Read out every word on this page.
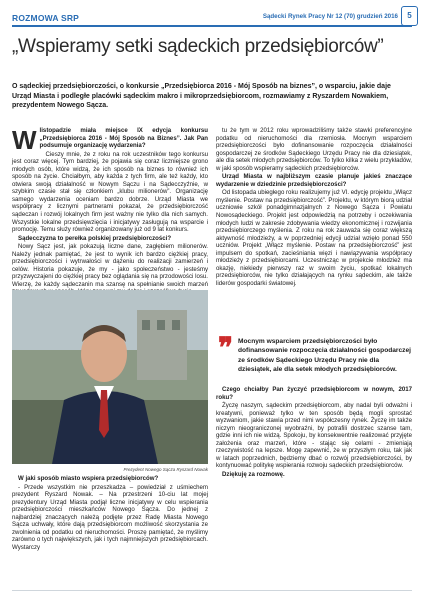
ROZMOWA SRP	Sądecki Rynek Pracy Nr 12 (70) grudzień 2016	5
„Wspieramy setki sądeckich przedsiębiorców”
O sądeckiej przedsiębiorczości, o konkursie „Przedsiębiorca 2016 - Mój Sposób na biznes”, o wsparciu, jakie daje Urząd Miasta i podległe placówki sądeckim makro i mikroprzedsiębiorcom, rozmawiamy z Ryszardem Nowakiem, prezydentem Nowego Sącza.

Wlistopadzie miała miejsce IX edycja konkursu „Przedsiębiorca 2016 - Mój Sposób na Biznes”. Jak Pan podsumuje organizację wydarzenia?

Cieszy mnie, że z roku na rok uczestników tego konkursu jest coraz więcej. Tym bardziej, że pojawia się coraz liczniejsze grono młodych osób, które widzą, że ich sposób na biznes to również ich sposób na życie. Chciałbym, aby każda z tych firm, ale też każdy, kto otwiera swoją działalność w Nowym Sączu i na Sądecczyźnie, w szybkim czasie stał się członkiem „klubu milionerów”. Organizację samego wydarzenia oceniam bardzo dobrze. Urząd Miasta we współpracy z licznymi partnerami pokazał, że przedsiębiorczość sądeczan i rozwój lokalnych firm jest ważny nie tylko dla nich samych. Wszystkie lokalne przedsięwzięcia i inicjatywy zasługują na wsparcie i promocję. Temu służy również organizowany już od 9 lat konkurs.

Sądecczyzna to perełka polskiej przedsiębiorczości?

Nowy Sącz jest, jak pokazują liczne dane, zagłębiem milionerów. Należy jednak pamiętać, że jest to wynik ich bardzo ciężkiej pracy, przedsiębiorczości i wytrwałości w dążeniu do realizacji zamierzeń i celów. Historia pokazuje, że my - jako społeczeństwo - jesteśmy przyzwyczajeni do ciężkiej pracy bez oglądania się na przodowości losu. Wierzę, że każdy sądeczanin ma szansę na spełnianie swoich marzeń

Prezydent Nowego Sącza Ryszard Nowak

W jaki sposób miasto wspiera przedsiębiorców?

- Przede wszystkim nie przeszkadza – powiedział z uśmiechem prezydent Ryszard Nowak. – Na przestrzeni 10-ciu lat mojej prezydentury Urząd Miasta podjął liczne inicjatywy w celu wspierania przedsiębiorczości mieszkańców Nowego Sącza. Do jednej z najbardziej znaczących należą podjęte przez Radę Miasta Nowego Sącza uchwały, które dają przedsiębiorcom możliwość skorzystania ze zwolnienia od podatku od nieruchomości. Proszę pamiętać, że myślimy zarówno o tych największych, jak i tych najmniejszych przedsiębiorcach. Wystarczy

tu że tym w 2012 roku wprowadziliśmy także stawki preferencyjne podatku od nieruchomości dla rzemiosła. Mocnym wsparciem przedsiębiorczości było dofinansowanie rozpoczęcia działalności gospodarczej ze środków Sądeckiego Urzędu Pracy nie dla dziesiątek, ale dla setek młodych przedsiębiorców. To tylko kilka z wielu przykładów, w jaki sposób wspieramy sądeckich przedsiębiorców.

Urząd Miasta w najbliższym czasie planuje jakieś znaczące wydarzenie w dziedzinie przedsiębiorczości?

Od listopada ubiegłego roku realizujemy już VI. edycję projektu „Włącz myślenie. Postaw na przedsiębiorczość”. Projektu, w którym biorą udział uczniowie szkół ponadgimnazjalnych z Nowego Sącza i Powiatu Nowosądeckiego. Projekt jest odpowiedzią na potrzeby i oczekiwania młodych ludzi w zakresie zdobywania wiedzy ekonomicznej i rozwijania przedsiębiorczego myślenia. Z roku na rok zauważa się coraz większą aktywność młodzieży, a w poprzedniej edycji udział wzięło ponad 550 uczniów. Projekt „Włącz myślenie. Postaw na przedsiębiorczość” jest impulsem do spotkań, zacieśniania więzi i nawiązywania współpracy młodzieży z przedsiębiorcami. Uczestnicząc w projekcie młodzież ma okazję, niekiedy pierwszy raz w swoim życiu, spotkać lokalnych przedsiębiorców, nie tylko działających na rynku sądeckim, ale także liderów gospodarki światowej.

❞ Mocnym wsparciem przedsiębiorczości było dofinansowanie rozpoczęcia działalności gospodarczej ze środków Sądeckiego Urzędu Pracy nie dla dziesiątek, ale dla setek młodych przedsiębiorców.

Czego chciałby Pan życzyć przedsiębiorcom w nowym, 2017 roku?

Życzę naszym, sądeckim przedsiębiorcom, aby nadal byli odważni i kreatywni, ponieważ tylko w ten sposób będą mogli sprostać wyzwaniom, jakie stawia przed nimi współczesny rynek. Życzę im także niczym nieograniczonej wyobraźni, by potrafili dostrzec szanse tam, gdzie inni ich nie widzą. Spokoju, by konsekwentnie realizować przyjęte założenia oraz marzeń, które - stając się celami - zmieniają rzeczywistość na lepsze. Mogę zapewnić, że w przyszłym roku, tak jak w latach poprzednich, będziemy dbać o rozwój przedsiębiorczości, by kontynuować politykę wspierania rozwoju sądeckich przedsiębiorców.

Dziękuję za rozmowę.
